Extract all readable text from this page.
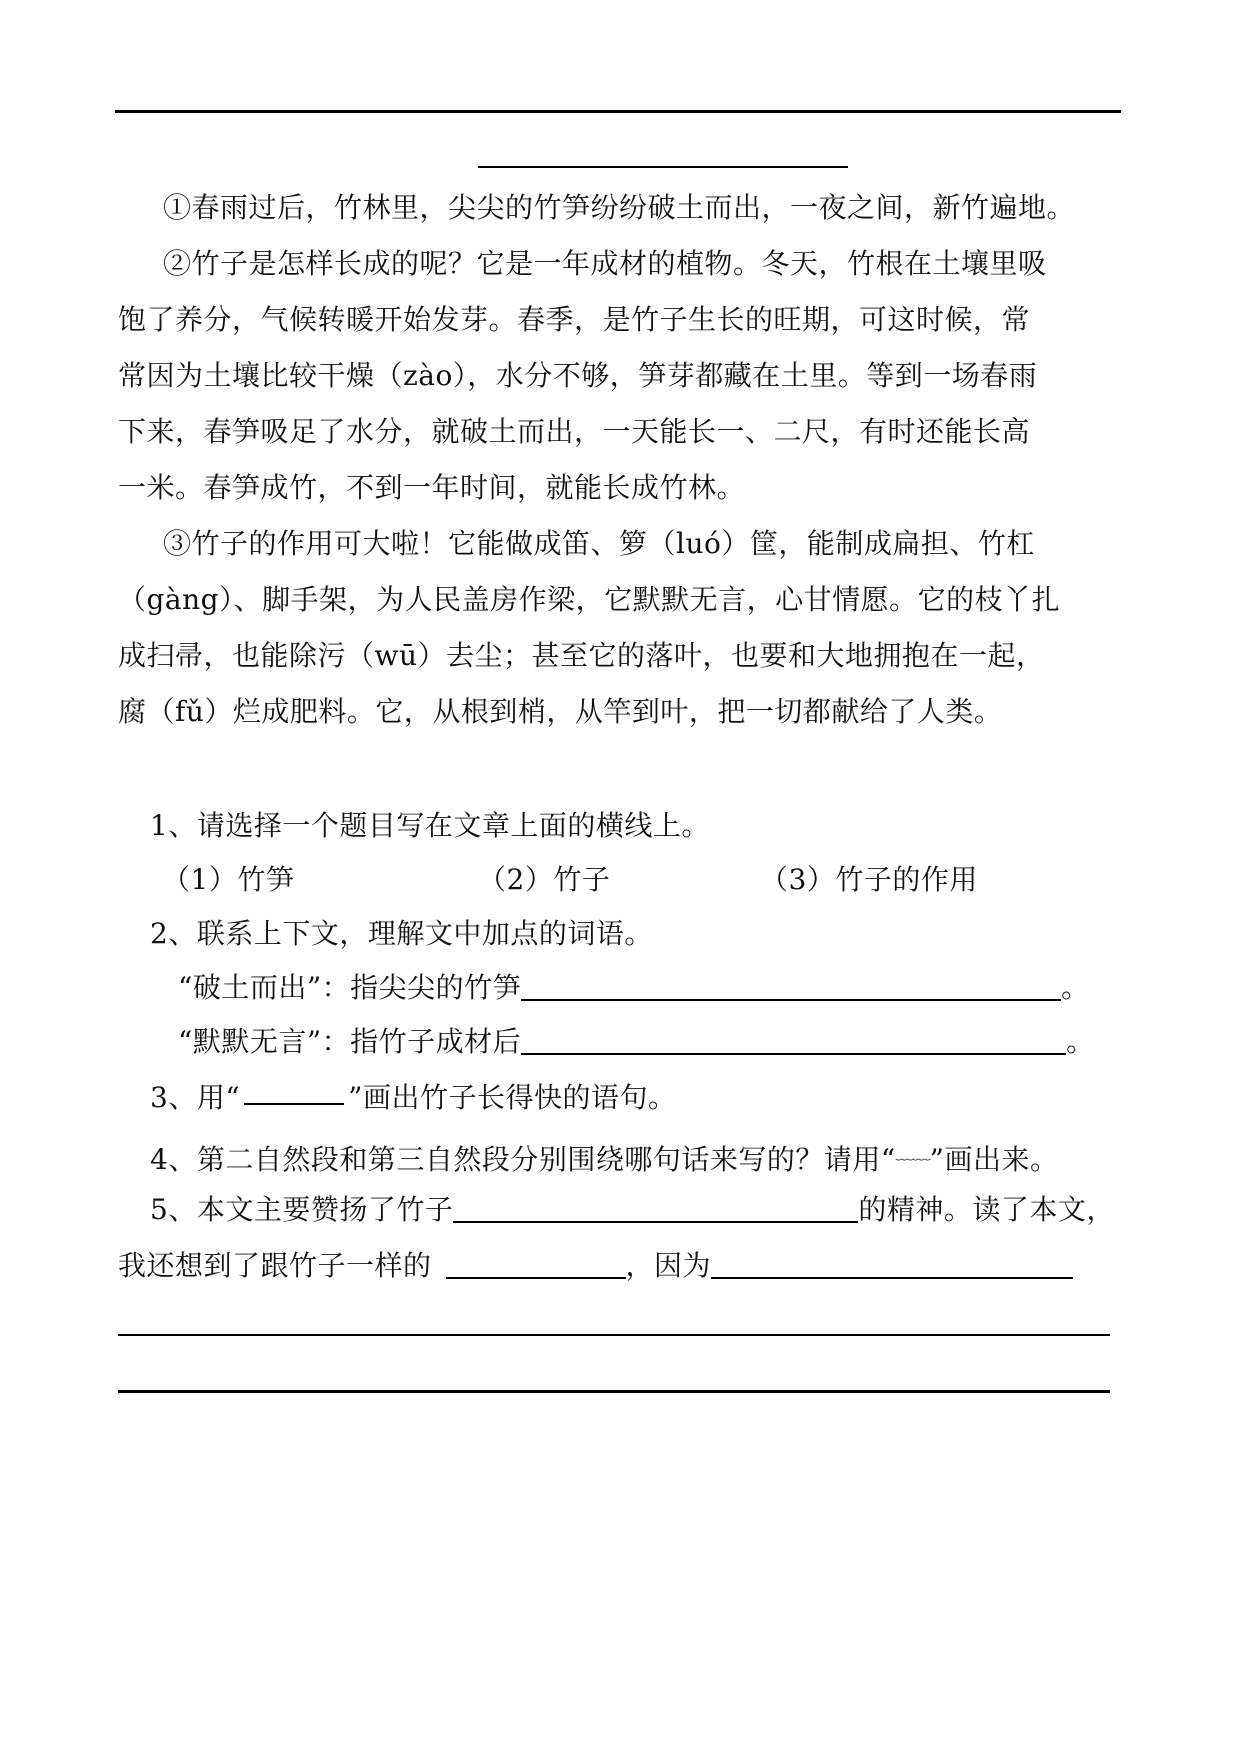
①春雨过后，竹林里，尖尖的竹笋纷纷破土而出，一夜之间，新竹遍地。
②竹子是怎样长成的呢？它是一年成材的植物。冬天，竹根在土壤里吸
饱了养分，气候转暖开始发芽。春季，是竹子生长的旺期，可这时候，常
常因为土壤比较干燥（zào），水分不够，笋芽都藏在土里。等到一场春雨
下来，春笋吸足了水分，就破土而出，一天能长一、二尺，有时还能长高
一米。春笋成竹，不到一年时间，就能长成竹林。
③竹子的作用可大啦！它能做成笛、箩（luó）筐，能制成扁担、竹杠
（gàng）、脚手架，为人民盖房作梁，它默默无言，心甘情愿。它的枝丫扎
成扫帚，也能除污（wū）去尘；甚至它的落叶，也要和大地拥抱在一起，
腐（fǔ）烂成肥料。它，从根到梢，从竿到叶，把一切都献给了人类。
1、请选择一个题目写在文章上面的横线上。
（1）竹笋	（2）竹子	（3）竹子的作用
2、联系上下文，理解文中加点的词语。
“破土而出”：指尖尖的竹笋	。
“默默无言”：指竹子成材后	。
3、用“	”画出竹子长得快的语句。
4、第二自然段和第三自然段分别围绕哪句话来写的？请用“﹏﹏”画出来。
5、本文主要赞扬了竹子	的精神。读了本文，
我还想到了跟竹子一样的	，因为
